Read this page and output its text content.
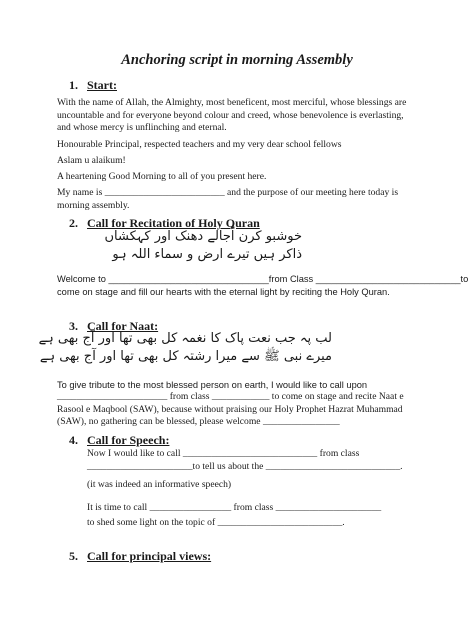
Anchoring script in morning Assembly
1. Start:
With the name of Allah, the Almighty, most beneficent, most merciful, whose blessings are
uncountable and for everyone beyond colour and creed, whose benevolence is everlasting,
and whose mercy is unflinching and eternal.
Honourable Principal, respected teachers and my very dear school fellows
Aslam u alaikum!
A heartening Good Morning to all of you present here.
My name is _________________________ and the purpose of our meeting here today is
morning assembly.
2. Call for Recitation of Holy Quran
خوشبو کرن اُجالے دھنک اور کہکشاں
ذاکر ہیں تیرے ارض و سماء اللہ ہو
Welcome to _______________________________from Class ____________________________to
come on stage and fill our hearts with the eternal light by reciting the Holy Quran.
3. Call for Naat:
لب پہ جب نعت پاک کا نغمہ کل بھی تھا اور آج بھی ہے
میرے نبی ﷺ سے میرا رشتہ کل بھی تھا اور آج بھی ہے
To give tribute to the most blessed person on earth, I would like to call upon
_______________________ from class ____________ to come on stage and recite Naat e
Rasool e Maqbool (SAW), because without praising our Holy Prophet Hazrat Muhammad
(SAW), no gathering can be blessed, please welcome ________________
4. Call for Speech:
Now I would like to call ____________________________ from class
______________________to tell us about the ____________________________.
(it was indeed an informative speech)
It is time to call _________________ from class ______________________
to shed some light on the topic of __________________________.
5. Call for principal views:
